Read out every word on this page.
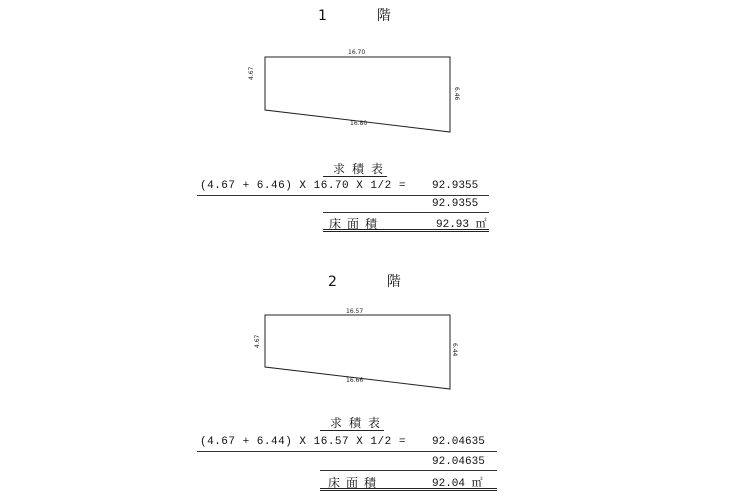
1　階
16.70
16.80
4.67
6.46
求積表
(4.67 + 6.46) X 16.70 X 1/2 = 92.9355
92.9355
床面積	92.93 ㎡
2　階
16.57
16.66
4.67
6.44
求積表
(4.67 + 6.44) X 16.57 X 1/2 = 92.04635
92.04635
床面積	92.04 ㎡
